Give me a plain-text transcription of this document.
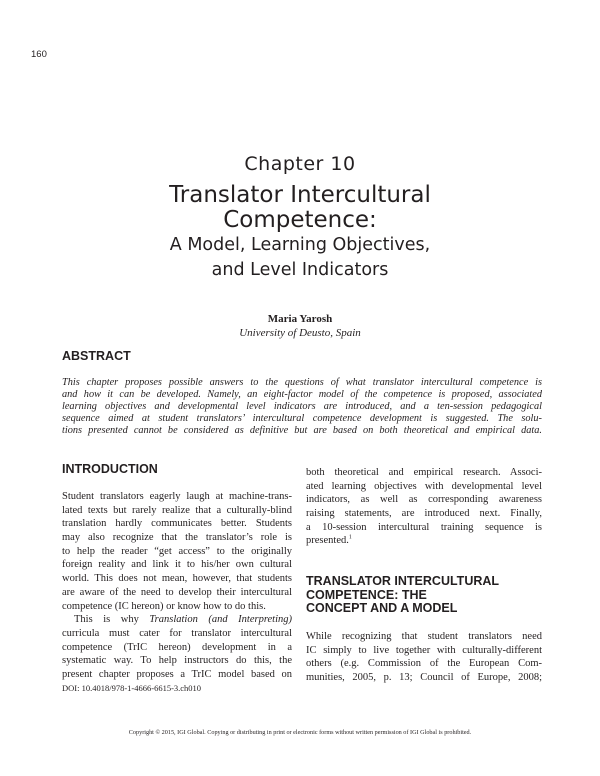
160
Chapter 10
Translator Intercultural
Competence:
A Model, Learning Objectives,
and Level Indicators
Maria Yarosh
University of Deusto, Spain
ABSTRACT
This chapter proposes possible answers to the questions of what translator intercultural competence is
and how it can be developed. Namely, an eight-factor model of the competence is proposed, associated
learning objectives and developmental level indicators are introduced, and a ten-session pedagogical
sequence aimed at student translators’ intercultural competence development is suggested. The solu-
tions presented cannot be considered as definitive but are based on both theoretical and empirical data.
INTRODUCTION
Student translators eagerly laugh at machine-trans-
lated texts but rarely realize that a culturally-blind
translation hardly communicates better. Students
may also recognize that the translator’s role is
to help the reader “get access” to the originally
foreign reality and link it to his/her own cultural
world. This does not mean, however, that students
are aware of the need to develop their intercultural
competence (IC hereon) or know how to do this.
This is why Translation (and Interpreting)
curricula must cater for translator intercultural
competence (TrIC hereon) development in a
systematic way. To help instructors do this, the
present chapter proposes a TrIC model based on
DOI: 10.4018/978-1-4666-6615-3.ch010
both theoretical and empirical research. Associ-
ated learning objectives with developmental level
indicators, as well as corresponding awareness
raising statements, are introduced next. Finally,
a 10-session intercultural training sequence is
presented.$^1$
TRANSLATOR INTERCULTURAL
COMPETENCE: THE
CONCEPT AND A MODEL
While recognizing that student translators need
IC simply to live together with culturally-different
others (e.g. Commission of the European Com-
munities, 2005, p. 13; Council of Europe, 2008;
Copyright © 2015, IGI Global. Copying or distributing in print or electronic forms without written permission of IGI Global is prohibited.
